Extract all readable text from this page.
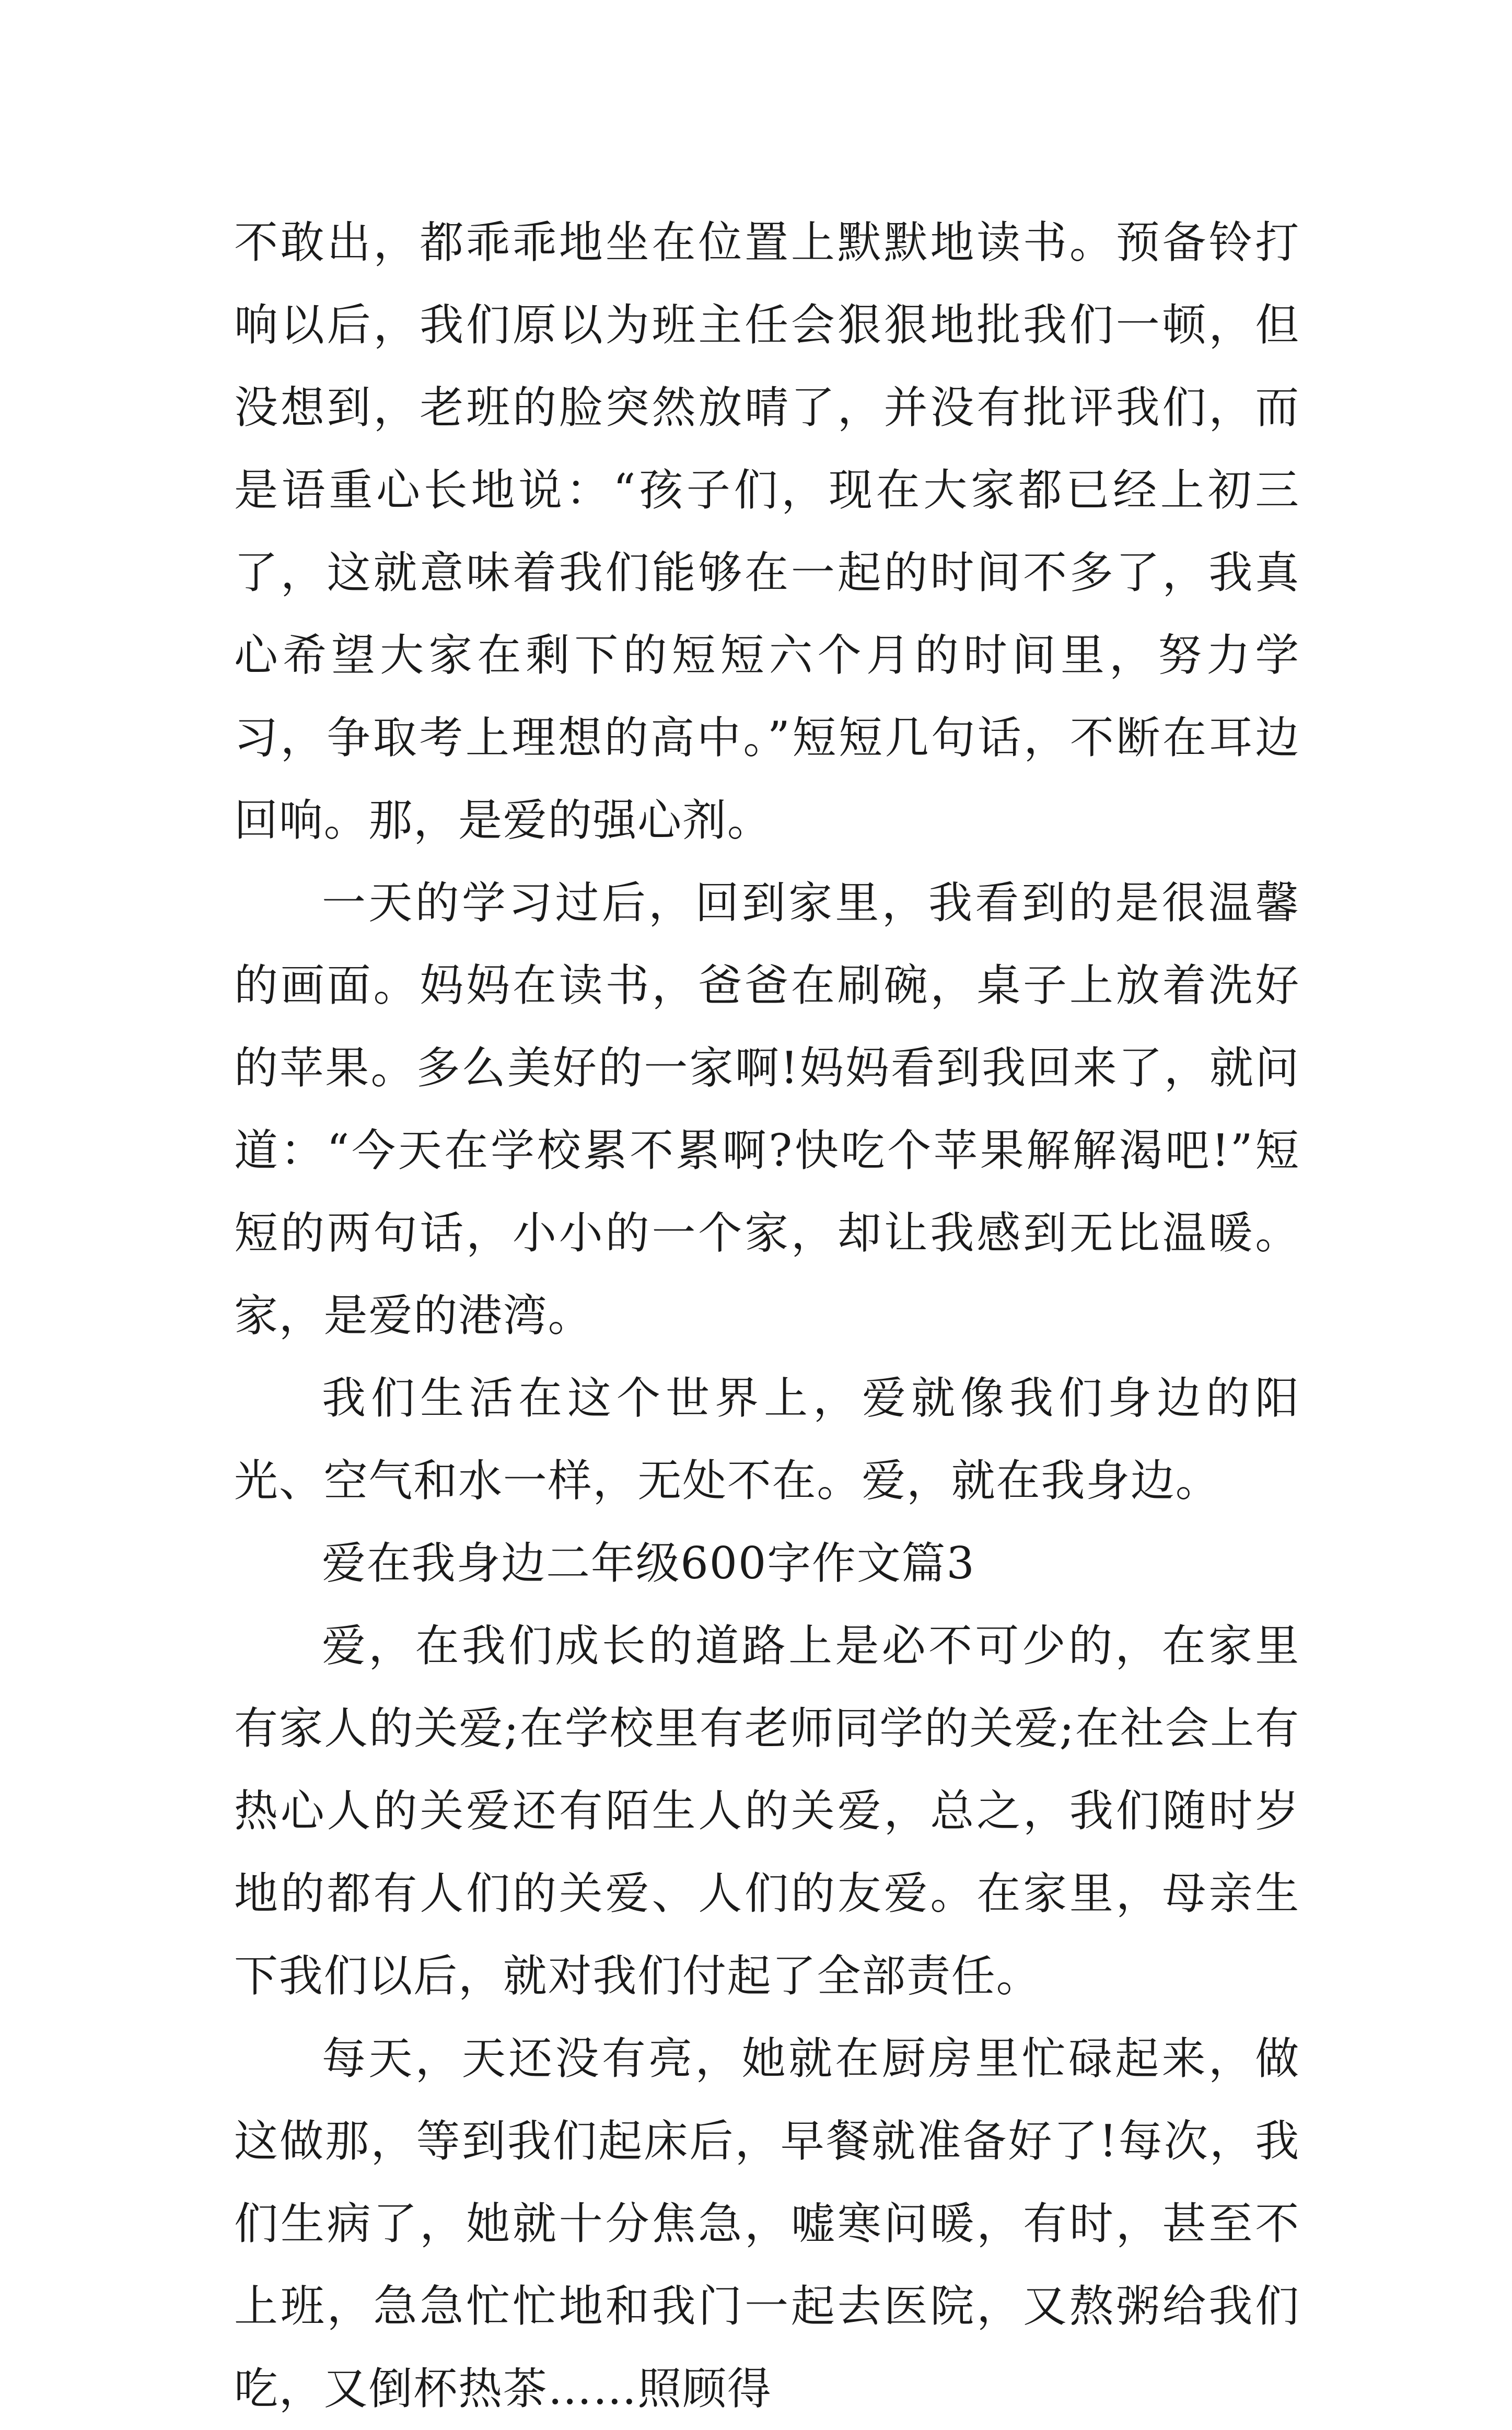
不敢出，都乖乖地坐在位置上默默地读书。预备铃打响以后，我们原以为班主任会狠狠地批我们一顿，但没想到，老班的脸突然放晴了，并没有批评我们，而是语重心长地说：“孩子们，现在大家都已经上初三了，这就意味着我们能够在一起的时间不多了，我真心希望大家在剩下的短短六个月的时间里，努力学习，争取考上理想的高中。”短短几句话，不断在耳边回响。那，是爱的强心剂。

一天的学习过后，回到家里，我看到的是很温馨的画面。妈妈在读书，爸爸在刷碗，桌子上放着洗好的苹果。多么美好的一家啊!妈妈看到我回来了，就问道：“今天在学校累不累啊?快吃个苹果解解渴吧!”短短的两句话，小小的一个家，却让我感到无比温暖。家，是爱的港湾。

我们生活在这个世界上，爱就像我们身边的阳光、空气和水一样，无处不在。爱，就在我身边。

爱在我身边二年级600字作文篇3

爱，在我们成长的道路上是必不可少的，在家里有家人的关爱;在学校里有老师同学的关爱;在社会上有热心人的关爱还有陌生人的关爱，总之，我们随时岁地的都有人们的关爱、人们的友爱。在家里，母亲生下我们以后，就对我们付起了全部责任。

每天，天还没有亮，她就在厨房里忙碌起来，做这做那，等到我们起床后，早餐就准备好了!每次，我们生病了，她就十分焦急，嘘寒问暖，有时，甚至不上班，急急忙忙地和我门一起去医院，又熬粥给我们吃，又倒杯热茶……照顾得
